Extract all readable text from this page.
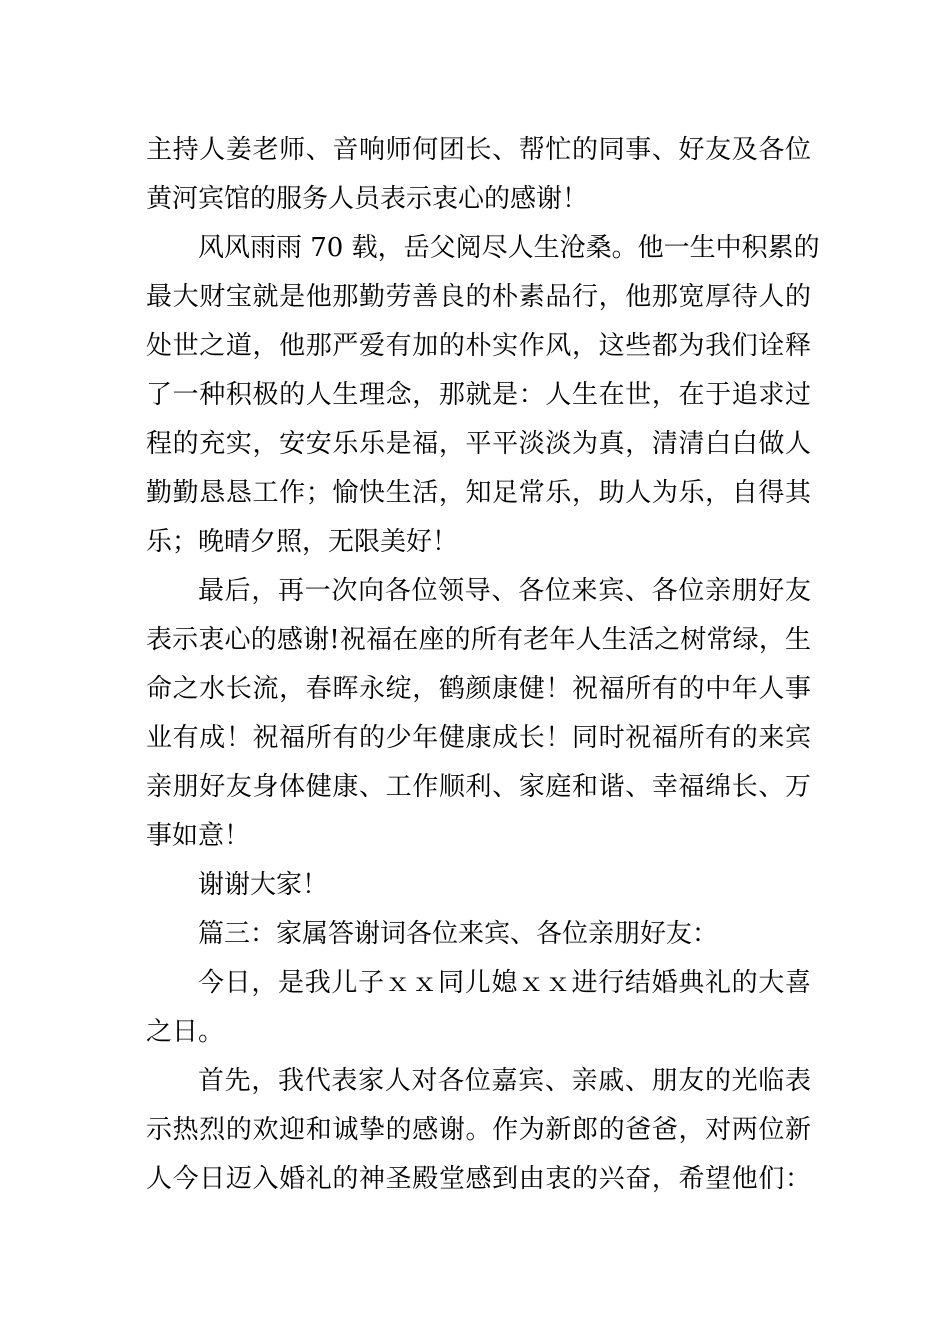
主持人姜老师、音响师何团长、帮忙的同事、好友及各位
黄河宾馆的服务人员表示衷心的感谢！
风风雨雨 70 载，岳父阅尽人生沧桑。他一生中积累的
最大财宝就是他那勤劳善良的朴素品行，他那宽厚待人的
处世之道，他那严爱有加的朴实作风，这些都为我们诠释
了一种积极的人生理念，那就是：人生在世，在于追求过
程的充实，安安乐乐是福，平平淡淡为真，清清白白做人
勤勤恳恳工作；愉快生活，知足常乐，助人为乐，自得其
乐；晚晴夕照，无限美好！
最后，再一次向各位领导、各位来宾、各位亲朋好友
表示衷心的感谢!祝福在座的所有老年人生活之树常绿，生
命之水长流，春晖永绽，鹤颜康健！祝福所有的中年人事
业有成！祝福所有的少年健康成长！同时祝福所有的来宾
亲朋好友身体健康、工作顺利、家庭和谐、幸福绵长、万
事如意！
谢谢大家！
篇三：家属答谢词各位来宾、各位亲朋好友：
今日，是我儿子ｘｘ同儿媳ｘｘ进行结婚典礼的大喜
之日。
首先，我代表家人对各位嘉宾、亲戚、朋友的光临表
示热烈的欢迎和诚挚的感谢。作为新郎的爸爸，对两位新
人今日迈入婚礼的神圣殿堂感到由衷的兴奋，希望他们：
